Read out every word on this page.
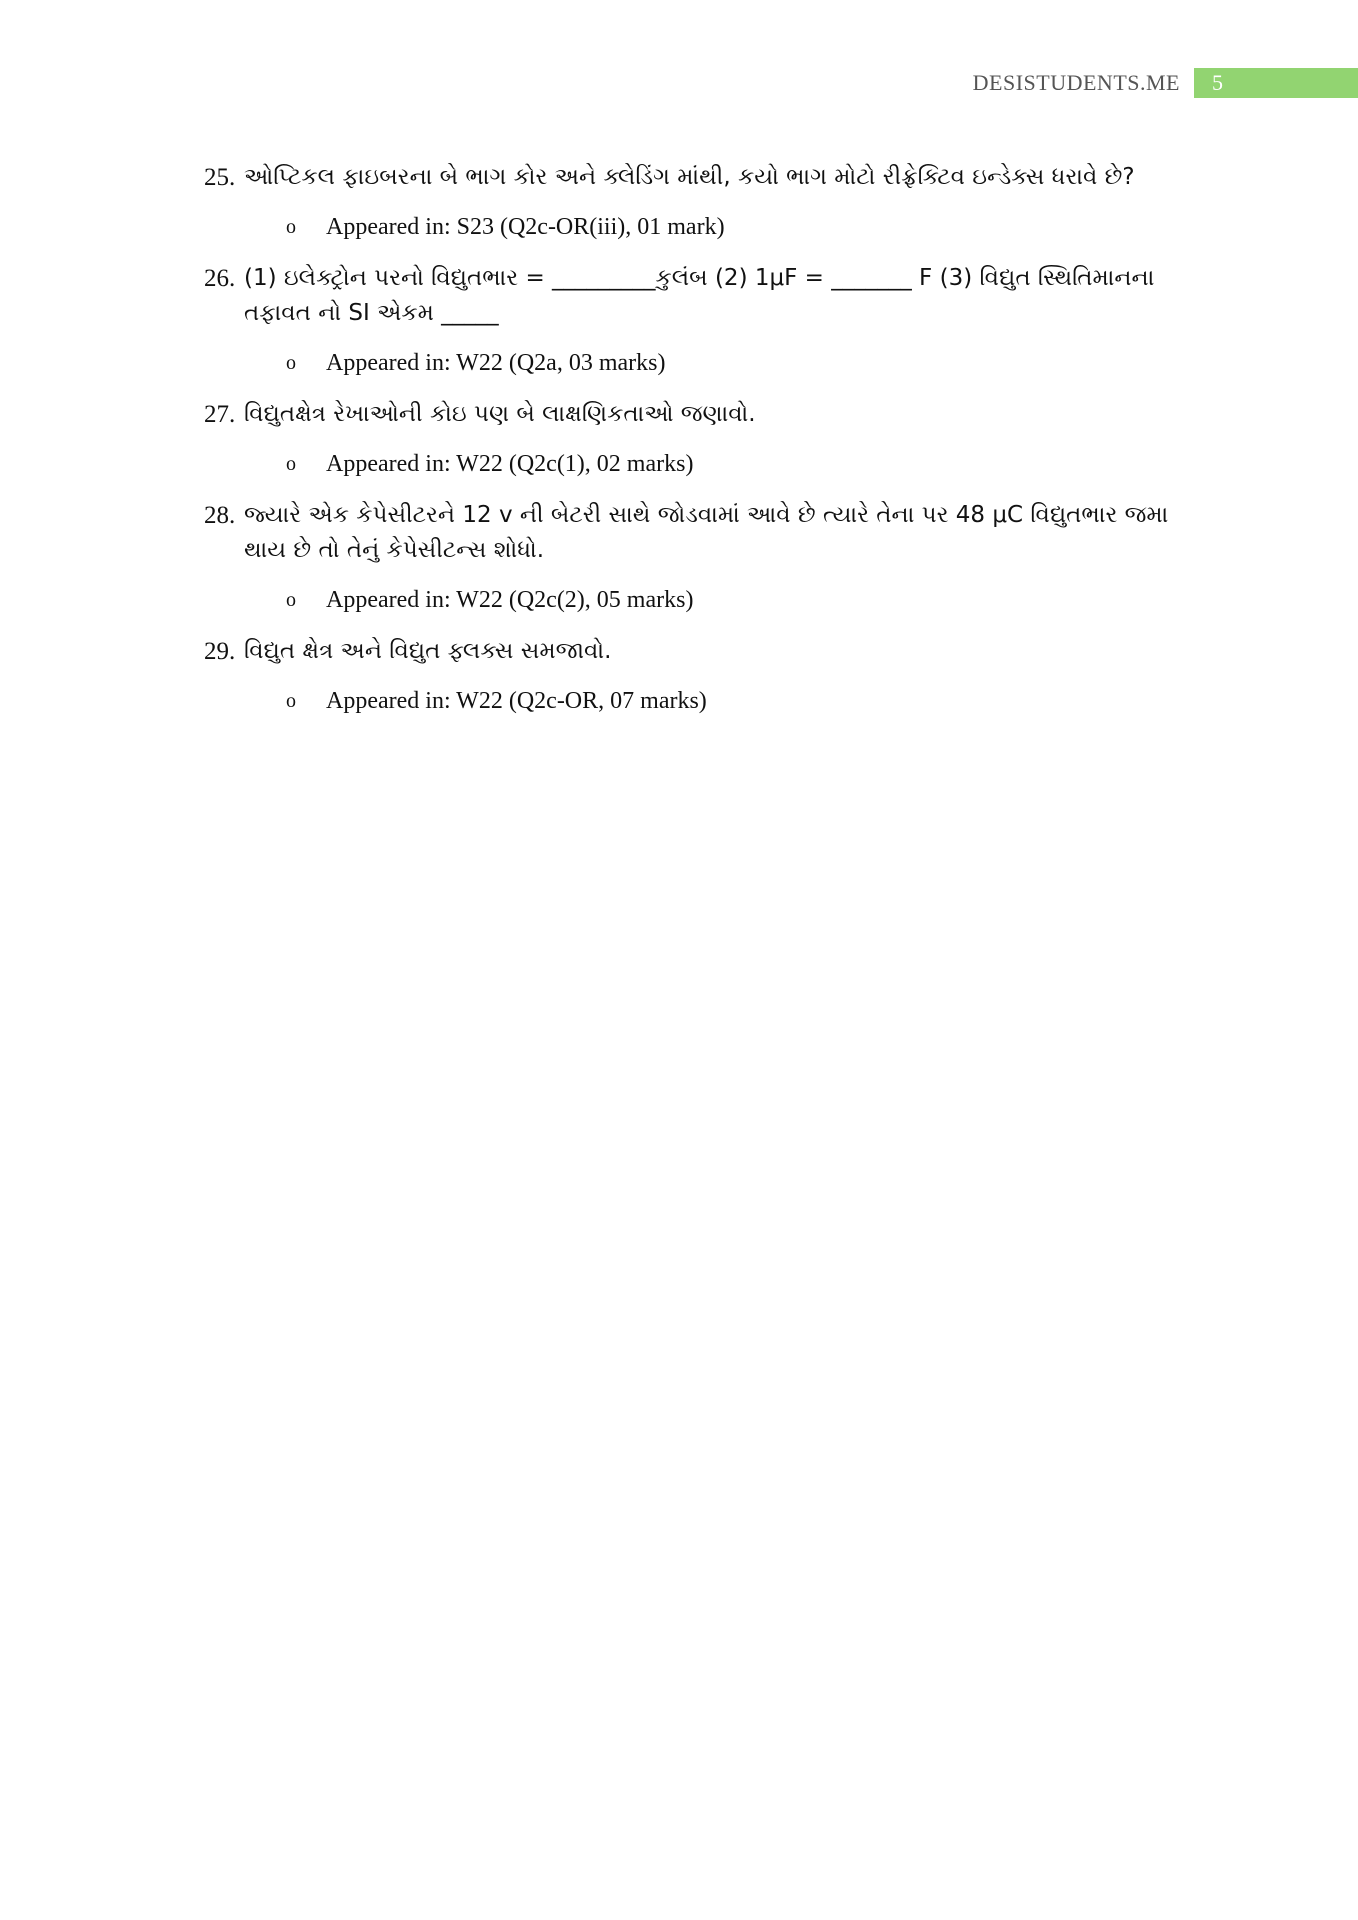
DESISTUDENTS.ME	5
25. ઓપ્ટિકલ ફાઇબરના બે ભાગ કોર અને ક્લેડિંગ માંથી, કયો ભાગ મોટો રીફ્રેક્ટિવ ઇન્ડેક્સ ધરાવે છે?
o	Appeared in: S23 (Q2c-OR(iii), 01 mark)
26. (1) ઇલેક્ટ્રોન પરનો વિદ્યુતભાર = _________કુલંબ (2) 1μF = _______ F (3) વિદ્યુત સ્થિતિમાનના તફાવત નો SI એકમ _____
o	Appeared in: W22 (Q2a, 03 marks)
27. વિદ્યુતક્ષેત્ર રેખાઓની કોઇ પણ બે લાક્ષણિકતાઓ જણાવો.
o	Appeared in: W22 (Q2c(1), 02 marks)
28. જ્યારે એક કેપેસીટરને 12 v ની બેટરી સાથે જોડવામાં આવે છે ત્યારે તેના પર 48 μC વિદ્યુતભાર જમા થાય છે તો તેનું કેપેસીટન્સ શોધો.
o	Appeared in: W22 (Q2c(2), 05 marks)
29. વિદ્યુત ક્ષેત્ર અને વિદ્યુત ફ્લક્સ સમજાવો.
o	Appeared in: W22 (Q2c-OR, 07 marks)
